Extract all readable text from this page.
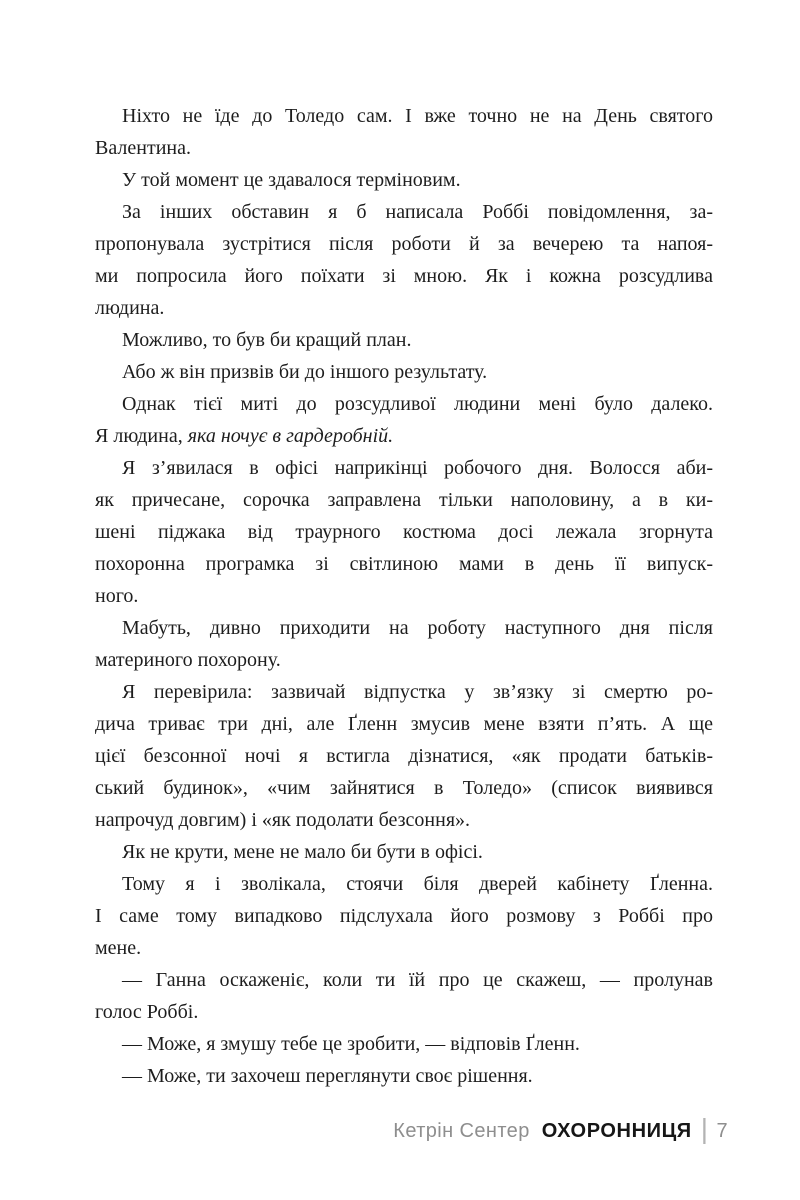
Ніхто не їде до Толедо сам. І вже точно не на День святого
Валентина.
У той момент це здавалося терміновим.
За інших обставин я б написала Роббі повідомлення, за-
пропонувала зустрітися після роботи й за вечерею та напоя-
ми попросила його поїхати зі мною. Як і кожна розсудлива
людина.
Можливо, то був би кращий план.
Або ж він призвів би до іншого результату.
Однак тієї миті до розсудливої людини мені було далеко.
Я людина, яка ночує в гардеробній.
Я з’явилася в офісі наприкінці робочого дня. Волосся аби-
як причесане, сорочка заправлена тільки наполовину, а в ки-
шені піджака від траурного костюма досі лежала згорнута
похоронна програмка зі світлиною мами в день її випуск-
ного.
Мабуть, дивно приходити на роботу наступного дня після
материного похорону.
Я перевірила: зазвичай відпустка у зв’язку зі смертю ро-
дича триває три дні, але Ґленн змусив мене взяти п’ять. А ще
цієї безсонної ночі я встигла дізнатися, «як продати батьків-
ський будинок», «чим зайнятися в Толедо» (список виявився
напрочуд довгим) і «як подолати безсоння».
Як не крути, мене не мало би бути в офісі.
Тому я і зволікала, стоячи біля дверей кабінету Ґленна.
І саме тому випадково підслухала його розмову з Роббі про
мене.
— Ганна оскаженіє, коли ти їй про це скажеш, — пролунав
голос Роббі.
— Може, я змушу тебе це зробити, — відповів Ґленн.
— Може, ти захочеш переглянути своє рішення.
Кетрін Сентер ОХОРОННИЦЯ | 7
